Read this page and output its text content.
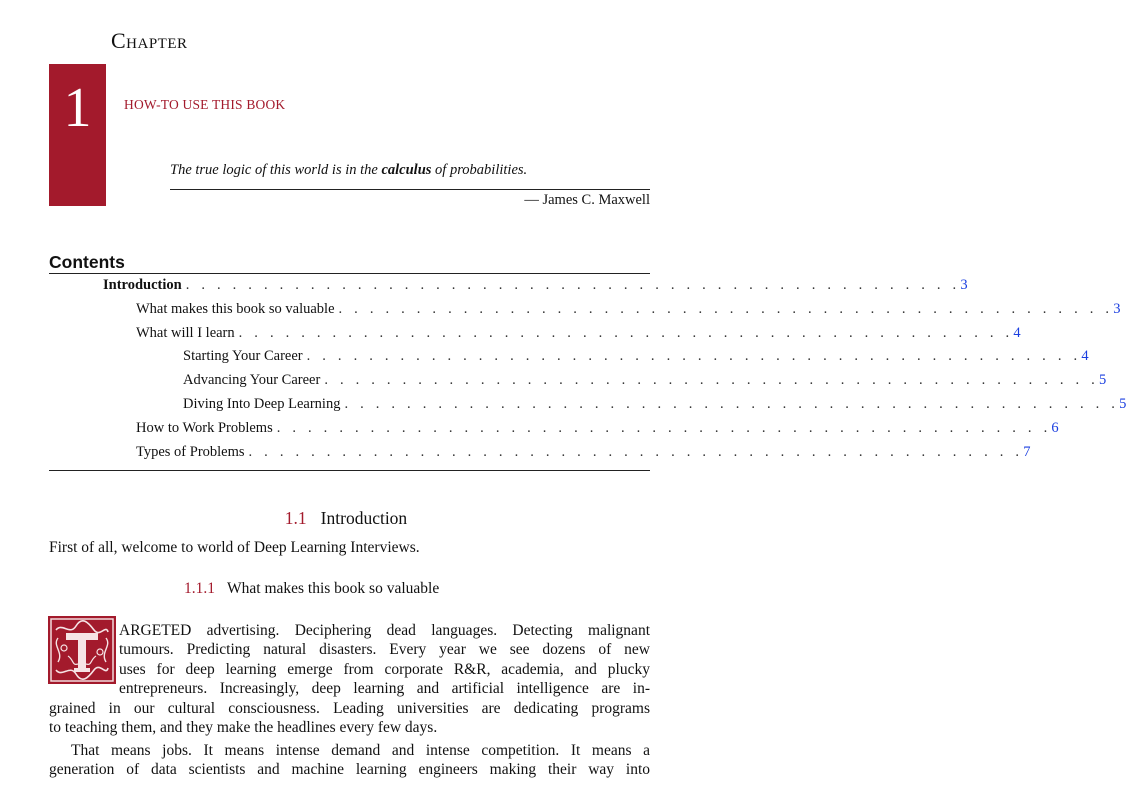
Chapter
1	HOW-TO USE THIS BOOK
The true logic of this world is in the calculus of probabilities.
— James C. Maxwell
Contents
Introduction . . . . . . . . . . . . . . . . . . . . . . . . . . . . . . . . . . . . . . . . . . . . . . . . . . 3
What makes this book so valuable . . . . . . . . . . . . . . . . . . . . . . . . . . . . . . . . . . . . . . . . . . . . . . . . . . 3
What will I learn . . . . . . . . . . . . . . . . . . . . . . . . . . . . . . . . . . . . . . . . . . . . . . . . . . 4
Starting Your Career . . . . . . . . . . . . . . . . . . . . . . . . . . . . . . . . . . . . . . . . . . . . . . . . . . 4
Advancing Your Career . . . . . . . . . . . . . . . . . . . . . . . . . . . . . . . . . . . . . . . . . . . . . . . . . . 5
Diving Into Deep Learning . . . . . . . . . . . . . . . . . . . . . . . . . . . . . . . . . . . . . . . . . . . . . . . . . . 5
How to Work Problems . . . . . . . . . . . . . . . . . . . . . . . . . . . . . . . . . . . . . . . . . . . . . . . . . . 6
Types of Problems . . . . . . . . . . . . . . . . . . . . . . . . . . . . . . . . . . . . . . . . . . . . . . . . . . 7
1.1 Introduction
First of all, welcome to world of Deep Learning Interviews.
1.1.1 What makes this book so valuable
ARGETED advertising. Deciphering dead languages. Detecting malignant
tumours. Predicting natural disasters. Every year we see dozens of new
uses for deep learning emerge from corporate R&R, academia, and plucky
entrepreneurs. Increasingly, deep learning and artificial intelligence are in-
grained in our cultural consciousness. Leading universities are dedicating programs
to teaching them, and they make the headlines every few days.
That means jobs. It means intense demand and intense competition. It means a
generation of data scientists and machine learning engineers making their way into
